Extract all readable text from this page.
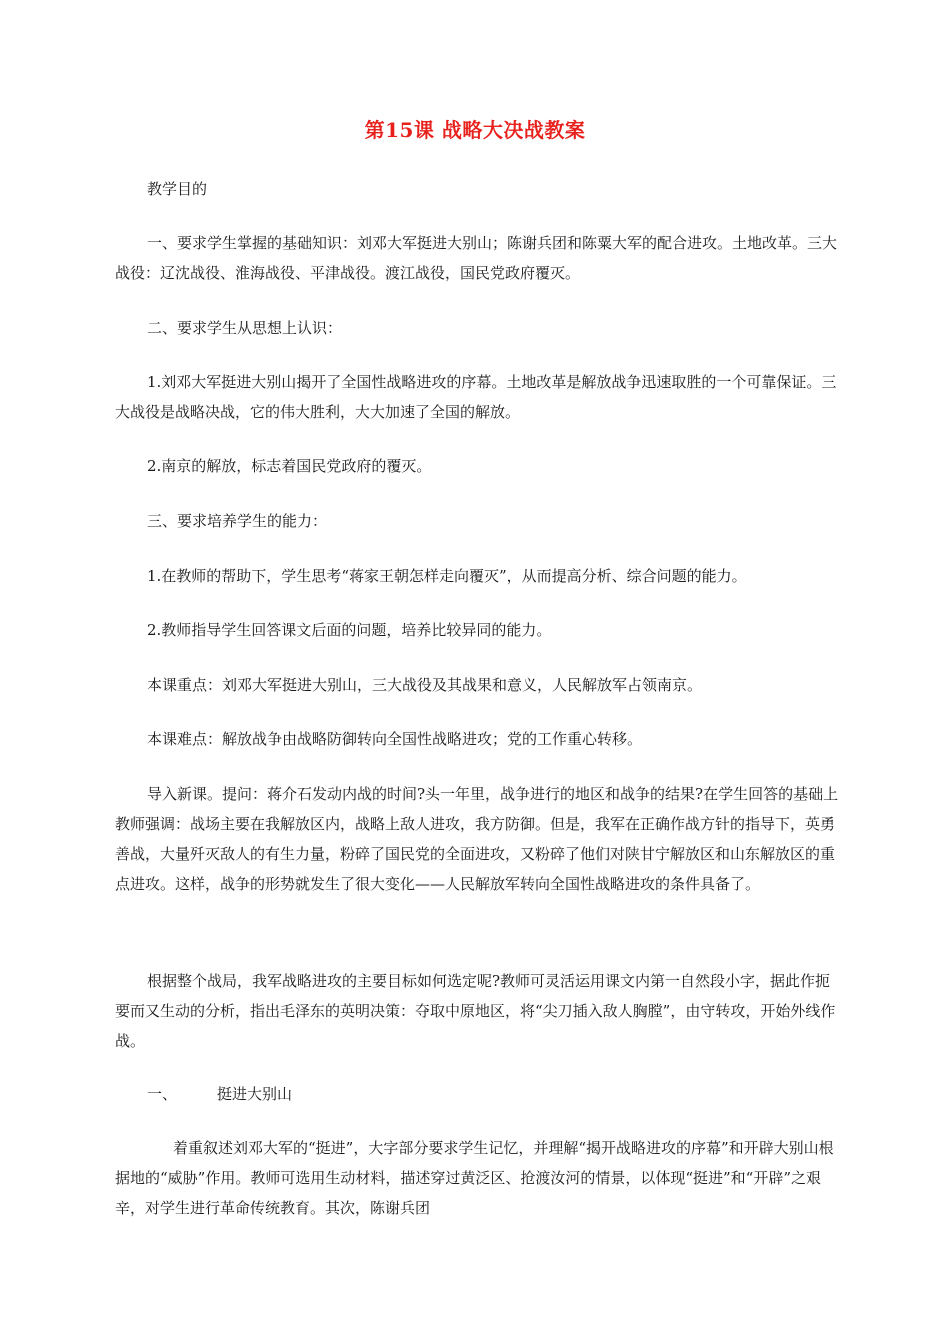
第15课 战略大决战教案

教学目的

一、要求学生掌握的基础知识：刘邓大军挺进大别山；陈谢兵团和陈粟大军的配合进攻。土地改革。三大战役：辽沈战役、淮海战役、平津战役。渡江战役，国民党政府覆灭。

二、要求学生从思想上认识：

1.刘邓大军挺进大别山揭开了全国性战略进攻的序幕。土地改革是解放战争迅速取胜的一个可靠保证。三大战役是战略决战，它的伟大胜利，大大加速了全国的解放。

2.南京的解放，标志着国民党政府的覆灭。

三、要求培养学生的能力：

1.在教师的帮助下，学生思考“蒋家王朝怎样走向覆灭”，从而提高分析、综合问题的能力。

2.教师指导学生回答课文后面的问题，培养比较异同的能力。

本课重点：刘邓大军挺进大别山，三大战役及其战果和意义，人民解放军占领南京。

本课难点：解放战争由战略防御转向全国性战略进攻；党的工作重心转移。

导入新课。提问：蒋介石发动内战的时间?头一年里，战争进行的地区和战争的结果?在学生回答的基础上教师强调：战场主要在我解放区内，战略上敌人进攻，我方防御。但是，我军在正确作战方针的指导下，英勇善战，大量歼灭敌人的有生力量，粉碎了国民党的全面进攻，又粉碎了他们对陕甘宁解放区和山东解放区的重点进攻。这样，战争的形势就发生了很大变化——人民解放军转向全国性战略进攻的条件具备了。

根据整个战局，我军战略进攻的主要目标如何选定呢?教师可灵活运用课文内第一自然段小字，据此作扼要而又生动的分析，指出毛泽东的英明决策：夺取中原地区，将“尖刀插入敌人胸膛”，由守转攻，开始外线作战。

一、	挺进大别山

着重叙述刘邓大军的“挺进”，大字部分要求学生记忆，并理解“揭开战略进攻的序幕”和开辟大别山根据地的“威胁”作用。教师可选用生动材料，描述穿过黄泛区、抢渡汝河的情景，以体现“挺进”和“开辟”之艰辛，对学生进行革命传统教育。其次，陈谢兵团
